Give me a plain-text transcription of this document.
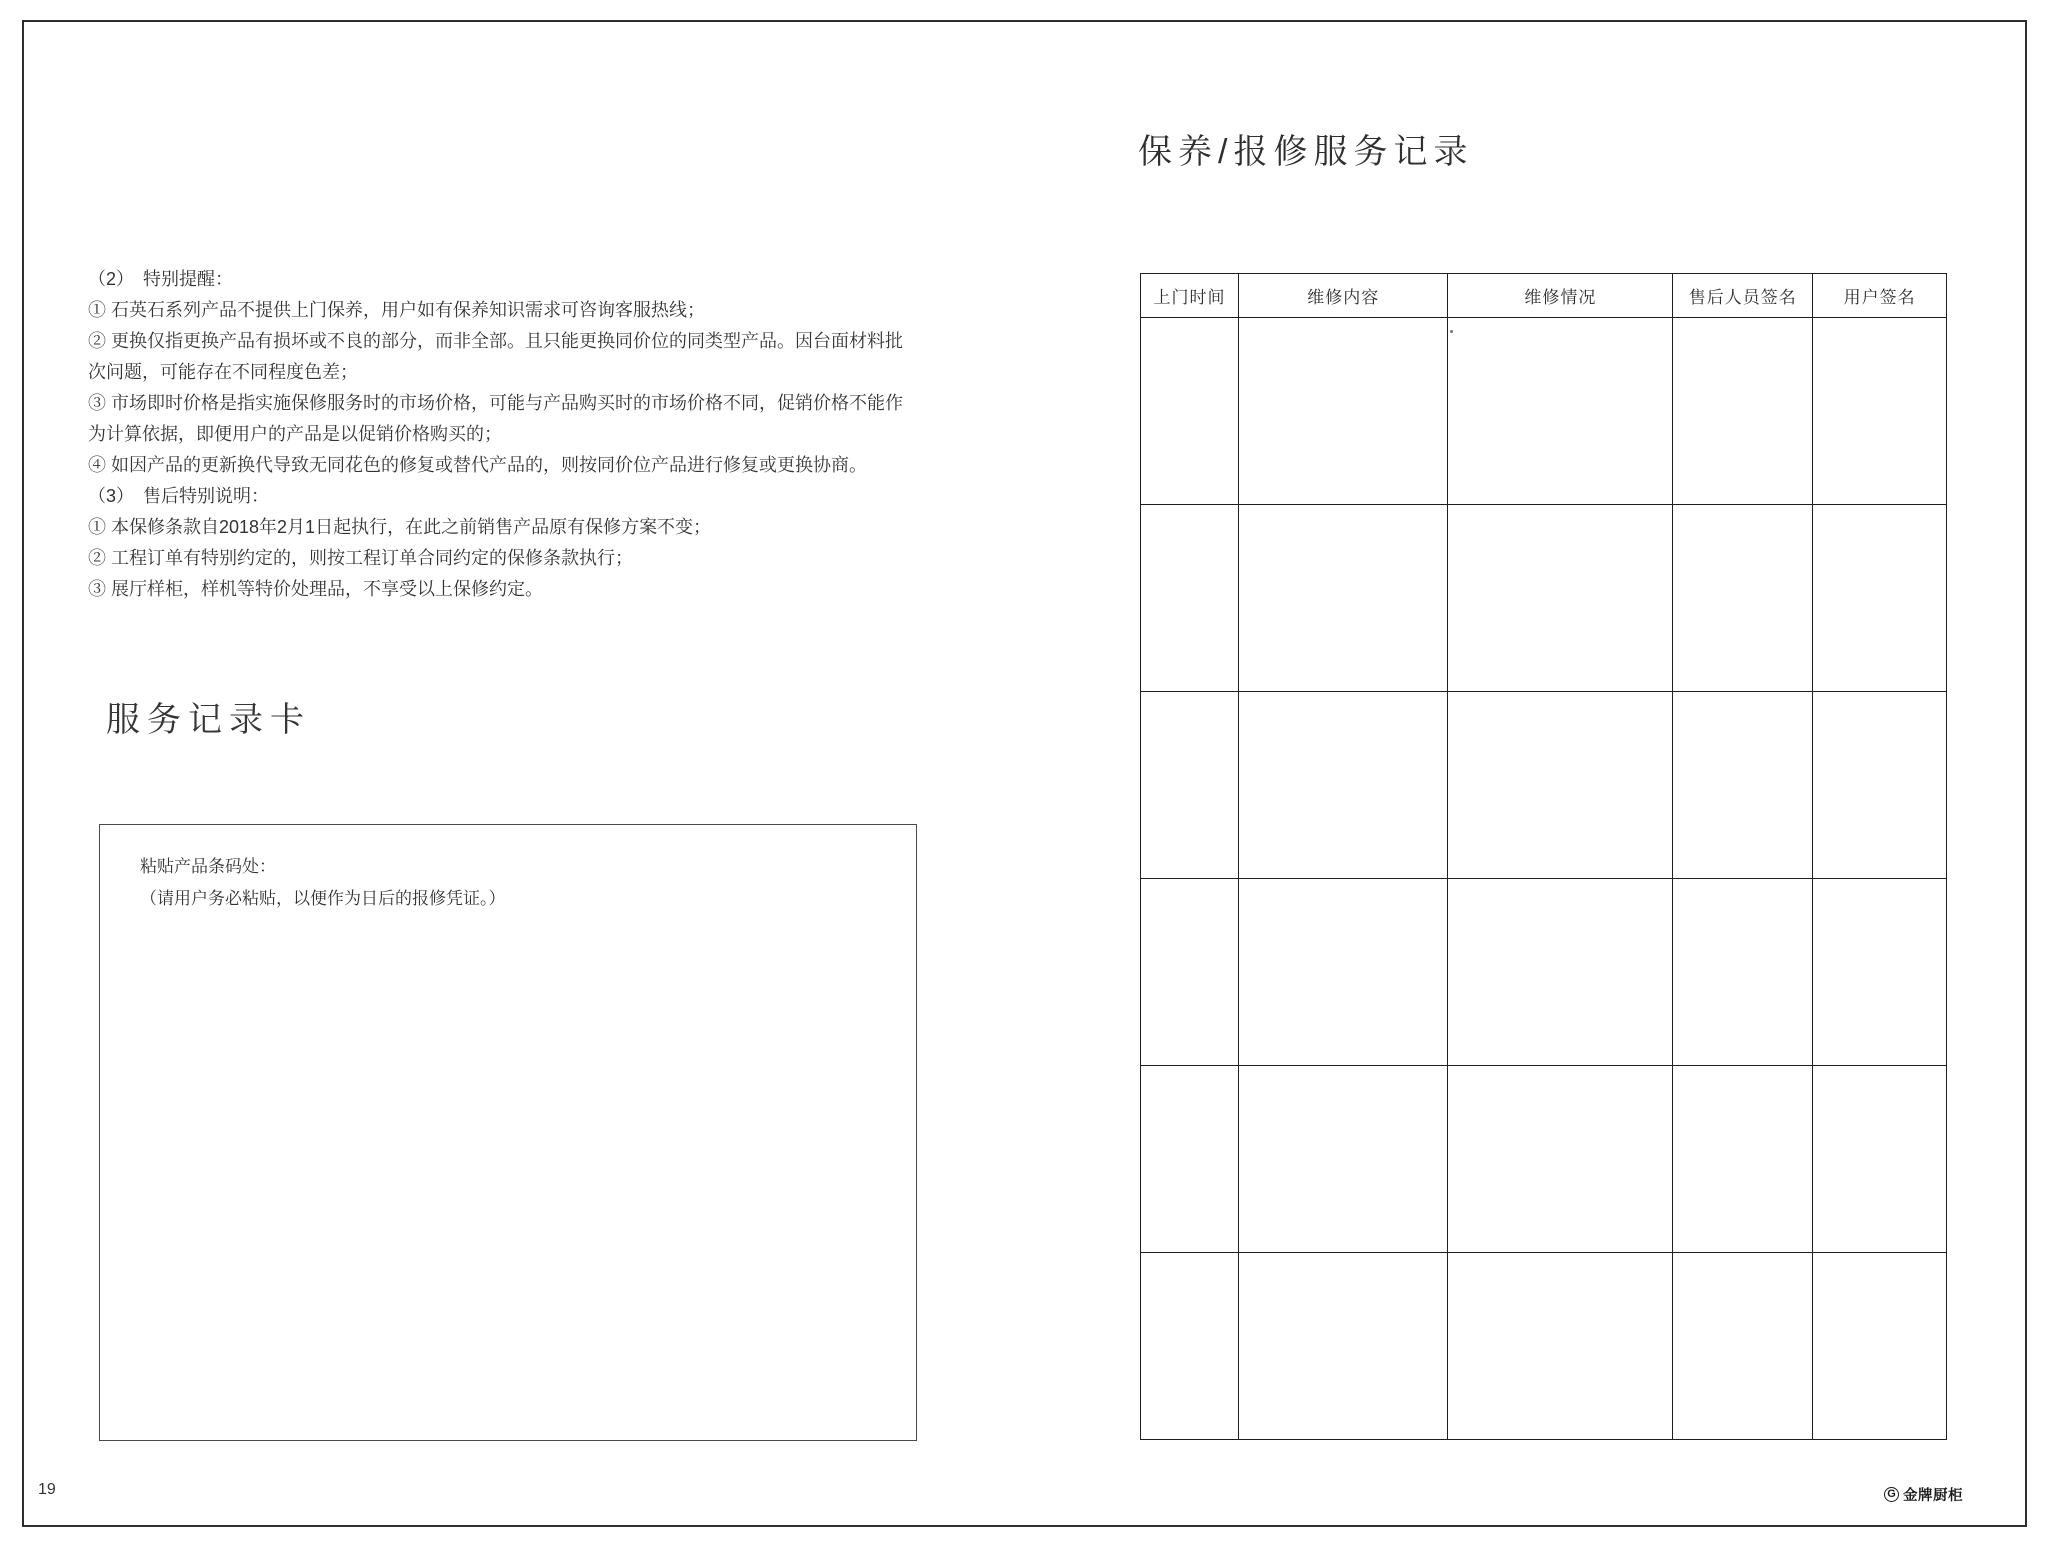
（2）　特别提醒：
① 石英石系列产品不提供上门保养，用户如有保养知识需求可咨询客服热线；
② 更换仅指更换产品有损坏或不良的部分，而非全部。且只能更换同价位的同类型产品。因台面材料批
次问题，可能存在不同程度色差；
③ 市场即时价格是指实施保修服务时的市场价格，可能与产品购买时的市场价格不同，促销价格不能作
为计算依据，即便用户的产品是以促销价格购买的；
④ 如因产品的更新换代导致无同花色的修复或替代产品的，则按同价位产品进行修复或更换协商。
（3）　售后特别说明：
① 本保修条款自2018年2月1日起执行，在此之前销售产品原有保修方案不变；
② 工程订单有特别约定的，则按工程订单合同约定的保修条款执行；
③ 展厅样柜，样机等特价处理品，不享受以上保修约定。
服务记录卡
粘贴产品条码处：
（请用户务必粘贴，以便作为日后的报修凭证。）
保养/报修服务记录
上门时间	维修内容	维修情况	售后人员签名	用户签名

19	G 金牌厨柜
